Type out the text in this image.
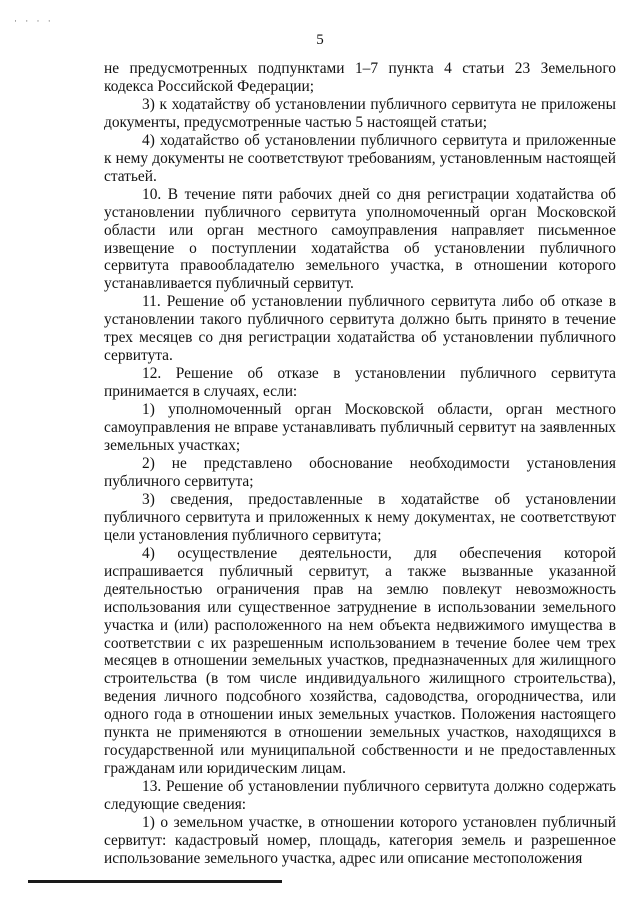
· · · ·
5

не предусмотренных подпунктами 1–7 пункта 4 статьи 23 Земельного кодекса Российской Федерации;

3) к ходатайству об установлении публичного сервитута не приложены документы, предусмотренные частью 5 настоящей статьи;

4) ходатайство об установлении публичного сервитута и приложенные к нему документы не соответствуют требованиям, установленным настоящей статьей.

10. В течение пяти рабочих дней со дня регистрации ходатайства об установлении публичного сервитута уполномоченный орган Московской области или орган местного самоуправления направляет письменное извещение о поступлении ходатайства об установлении публичного сервитута правообладателю земельного участка, в отношении которого устанавливается публичный сервитут.

11. Решение об установлении публичного сервитута либо об отказе в установлении такого публичного сервитута должно быть принято в течение трех месяцев со дня регистрации ходатайства об установлении публичного сервитута.

12. Решение об отказе в установлении публичного сервитута принимается в случаях, если:

1) уполномоченный орган Московской области, орган местного самоуправления не вправе устанавливать публичный сервитут на заявленных земельных участках;

2) не представлено обоснование необходимости установления публичного сервитута;

3) сведения, предоставленные в ходатайстве об установлении публичного сервитута и приложенных к нему документах, не соответствуют цели установления публичного сервитута;

4) осуществление деятельности, для обеспечения которой испрашивается публичный сервитут, а также вызванные указанной деятельностью ограничения прав на землю повлекут невозможность использования или существенное затруднение в использовании земельного участка и (или) расположенного на нем объекта недвижимого имущества в соответствии с их разрешенным использованием в течение более чем трех месяцев в отношении земельных участков, предназначенных для жилищного строительства (в том числе индивидуального жилищного строительства), ведения личного подсобного хозяйства, садоводства, огородничества, или одного года в отношении иных земельных участков. Положения настоящего пункта не применяются в отношении земельных участков, находящихся в государственной или муниципальной собственности и не предоставленных гражданам или юридическим лицам.

13. Решение об установлении публичного сервитута должно содержать следующие сведения:

1) о земельном участке, в отношении которого установлен публичный сервитут: кадастровый номер, площадь, категория земель и разрешенное использование земельного участка, адрес или описание местоположения
